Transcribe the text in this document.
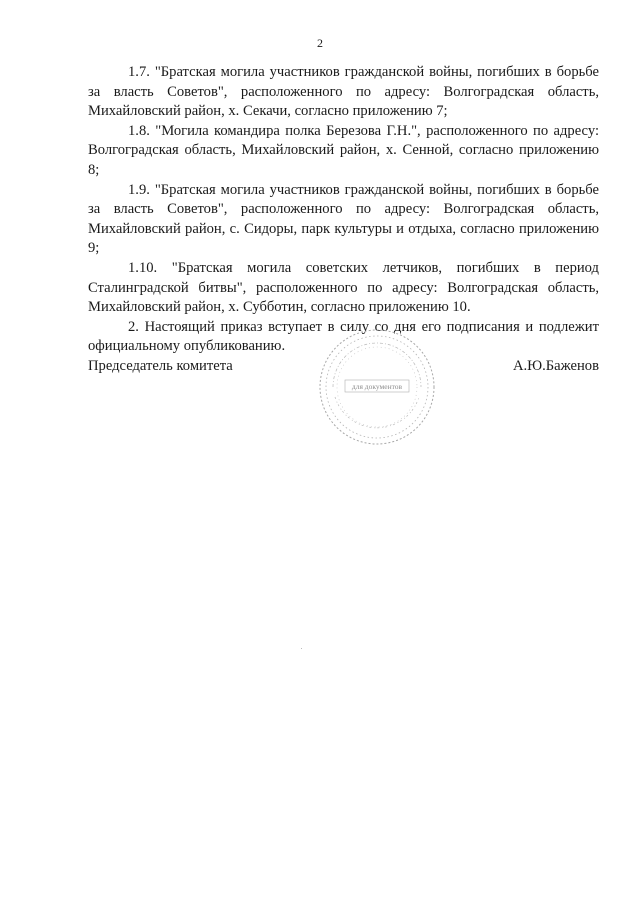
2

1.7. "Братская могила участников гражданской войны, погибших в борьбе за власть Советов", расположенного по адресу: Волгоградская область, Михайловский район, х. Секачи, согласно приложению 7;

1.8. "Могила командира полка Березова Г.Н.", расположенного по адресу: Волгоградская область, Михайловский район, х. Сенной, согласно приложению 8;

1.9. "Братская могила участников гражданской войны, погибших в борьбе за власть Советов", расположенного по адресу: Волгоградская область, Михайловский район, с. Сидоры, парк культуры и отдыха, согласно приложению 9;

1.10. "Братская могила советских летчиков, погибших в период Сталинградской битвы", расположенного по адресу: Волгоградская область, Михайловский район, х. Субботин, согласно приложению 10.

2. Настоящий приказ вступает в силу со дня его подписания и подлежит официальному опубликованию.

Председатель комитета	А.Ю.Баженов
для документов
